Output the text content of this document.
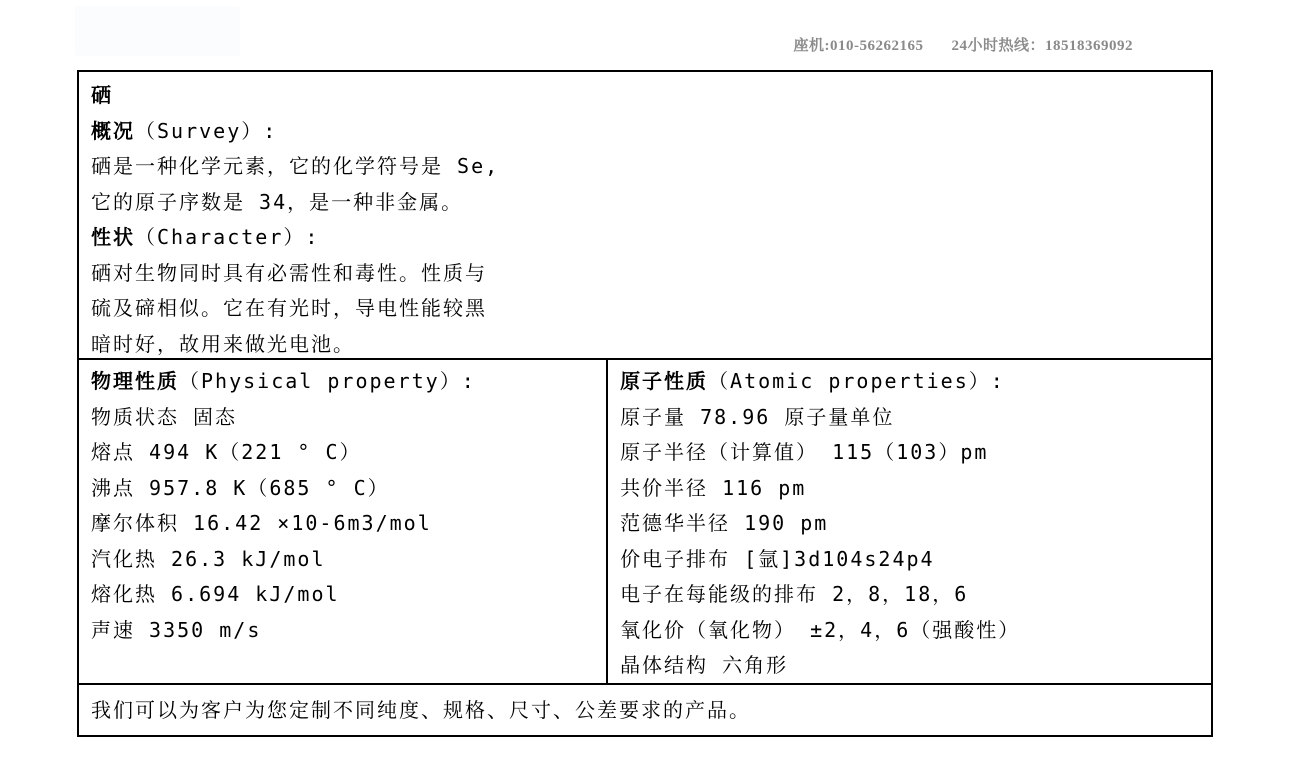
座机:010-56262165 24小时热线：18518369092
硒
概况（Survey）:
硒是一种化学元素，它的化学符号是 Se,
它的原子序数是 34，是一种非金属。
性状（Character）:
硒对生物同时具有必需性和毒性。性质与
硫及碲相似。它在有光时，导电性能较黑
暗时好，故用来做光电池。
物理性质（Physical property）:
物质状态 固态
熔点 494 K（221 ° C）
沸点 957.8 K（685 ° C）
摩尔体积 16.42 ×10-6m3/mol
汽化热 26.3 kJ/mol
熔化热 6.694 kJ/mol
声速 3350 m/s
原子性质（Atomic properties）:
原子量 78.96 原子量单位
原子半径（计算值） 115（103）pm
共价半径 116 pm
范德华半径 190 pm
价电子排布 [氩]3d104s24p4
电子在每能级的排布 2，8，18，6
氧化价（氧化物） ±2，4，6（强酸性）
晶体结构 六角形
我们可以为客户为您定制不同纯度、规格、尺寸、公差要求的产品。
